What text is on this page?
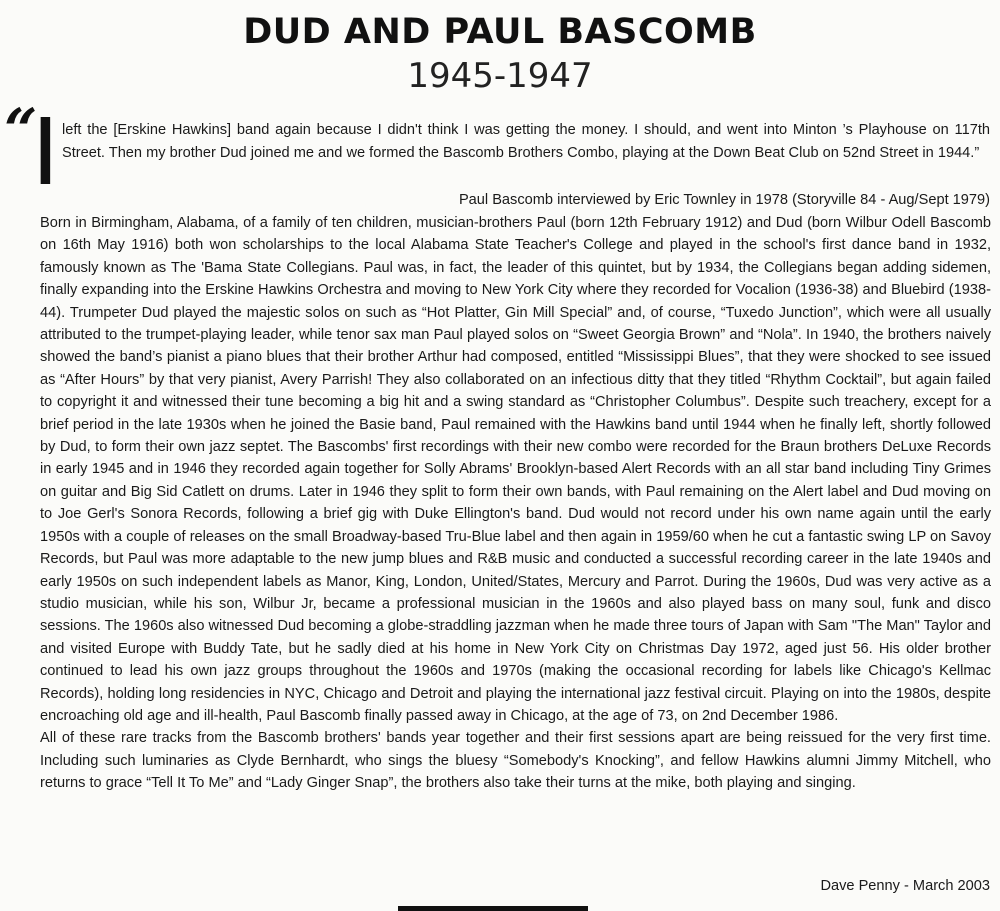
DUD AND PAUL BASCOMB
1945-1947
“
I left the [Erskine Hawkins] band again because I didn't think I was getting the money. I should, and went into Minton ’s Playhouse on 117th Street. Then my brother Dud joined me and we formed the Bascomb Brothers Combo, playing at the Down Beat Club on 52nd Street in 1944.”

Paul Bascomb interviewed by Eric Townley in 1978 (Storyville 84 - Aug/Sept 1979)

Born in Birmingham, Alabama, of a family of ten children, musician-brothers Paul (born 12th February 1912) and Dud (born Wilbur Odell Bascomb on 16th May 1916) both won scholarships to the local Alabama State Teacher's College and played in the school's first dance band in 1932, famously known as The 'Bama State Collegians. Paul was, in fact, the leader of this quintet, but by 1934, the Collegians began adding sidemen, finally expanding into the Erskine Hawkins Orchestra and moving to New York City where they recorded for Vocalion (1936-38) and Bluebird (1938-44). Trumpeter Dud played the majestic solos on such as “Hot Platter, Gin Mill Special” and, of course, “Tuxedo Junction”, which were all usually attributed to the trumpet-playing leader, while tenor sax man Paul played solos on “Sweet Georgia Brown” and “Nola”. In 1940, the brothers naively showed the band’s pianist a piano blues that their brother Arthur had composed, entitled “Mississippi Blues”, that they were shocked to see issued as “After Hours” by that very pianist, Avery Parrish! They also collaborated on an infectious ditty that they titled “Rhythm Cocktail”, but again failed to copyright it and witnessed their tune becoming a big hit and a swing standard as “Christopher Columbus”. Despite such treachery, except for a brief period in the late 1930s when he joined the Basie band, Paul remained with the Hawkins band until 1944 when he finally left, shortly followed by Dud, to form their own jazz septet. The Bascombs' first recordings with their new combo were recorded for the Braun brothers DeLuxe Records in early 1945 and in 1946 they recorded again together for Solly Abrams' Brooklyn-based Alert Records with an all star band including Tiny Grimes on guitar and Big Sid Catlett on drums. Later in 1946 they split to form their own bands, with Paul remaining on the Alert label and Dud moving on to Joe Gerl's Sonora Records, following a brief gig with Duke Ellington's band. Dud would not record under his own name again until the early 1950s with a couple of releases on the small Broadway-based Tru-Blue label and then again in 1959/60 when he cut a fantastic swing LP on Savoy Records, but Paul was more adaptable to the new jump blues and R&B music and conducted a successful recording career in the late 1940s and early 1950s on such independent labels as Manor, King, London, United/States, Mercury and Parrot. During the 1960s, Dud was very active as a studio musician, while his son, Wilbur Jr, became a professional musician in the 1960s and also played bass on many soul, funk and disco sessions. The 1960s also witnessed Dud becoming a globe-straddling jazzman when he made three tours of Japan with Sam "The Man" Taylor and and visited Europe with Buddy Tate, but he sadly died at his home in New York City on Christmas Day 1972, aged just 56. His older brother continued to lead his own jazz groups throughout the 1960s and 1970s (making the occasional recording for labels like Chicago's Kellmac Records), holding long residencies in NYC, Chicago and Detroit and playing the international jazz festival circuit. Playing on into the 1980s, despite encroaching old age and ill-health, Paul Bascomb finally passed away in Chicago, at the age of 73, on 2nd December 1986.

All of these rare tracks from the Bascomb brothers' bands year together and their first sessions apart are being reissued for the very first time. Including such luminaries as Clyde Bernhardt, who sings the bluesy “Somebody's Knocking”, and fellow Hawkins alumni Jimmy Mitchell, who returns to grace “Tell It To Me” and “Lady Ginger Snap”, the brothers also take their turns at the mike, both playing and singing.

Dave Penny - March 2003
